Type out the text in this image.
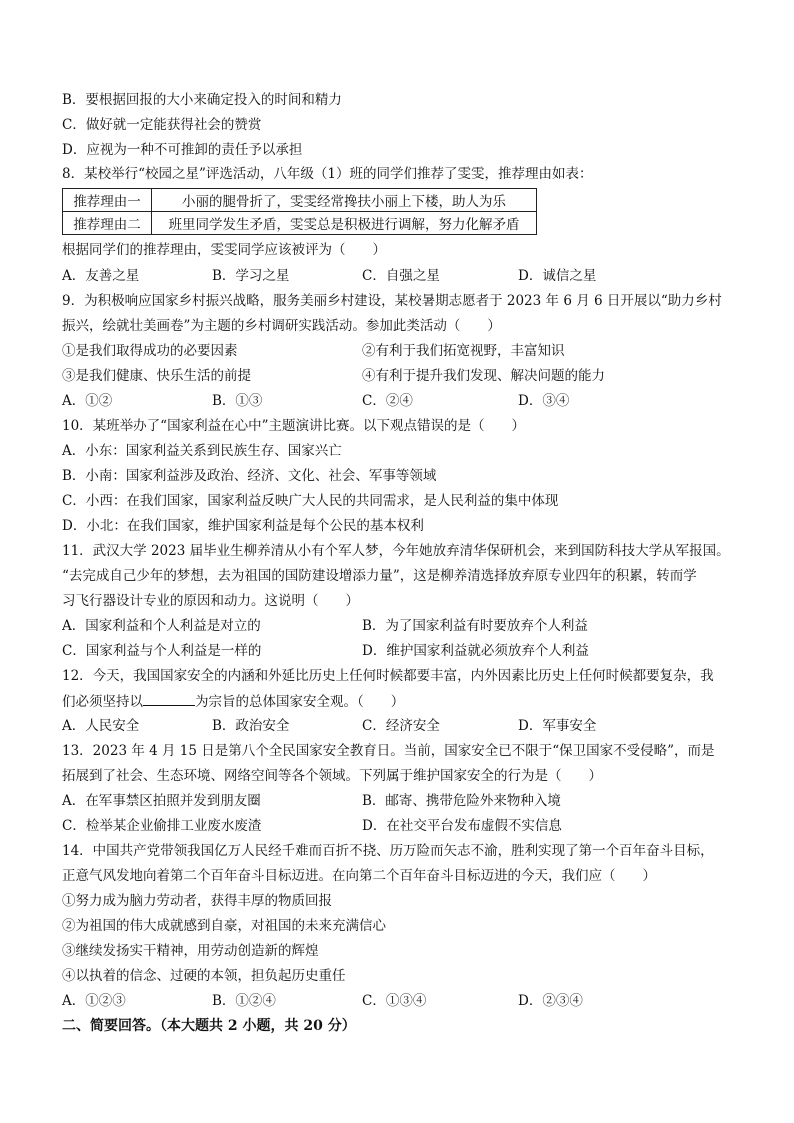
B．要根据回报的大小来确定投入的时间和精力
C．做好就一定能获得社会的赞赏
D．应视为一种不可推卸的责任予以承担
8．某校举行“校园之星”评选活动，八年级（1）班的同学们推荐了雯雯，推荐理由如表：
推荐理由一	小丽的腿骨折了，雯雯经常搀扶小丽上下楼，助人为乐
推荐理由二	班里同学发生矛盾，雯雯总是积极进行调解，努力化解矛盾
根据同学们的推荐理由，雯雯同学应该被评为（　　）
A．友善之星	B．学习之星	C．自强之星	D．诚信之星
9．为积极响应国家乡村振兴战略，服务美丽乡村建设，某校暑期志愿者于 2023 年 6 月 6 日开展以“助力乡村
振兴，绘就壮美画卷”为主题的乡村调研实践活动。参加此类活动（　　）
①是我们取得成功的必要因素	②有利于我们拓宽视野，丰富知识
③是我们健康、快乐生活的前提	④有利于提升我们发现、解决问题的能力
A．①②	B．①③	C．②④	D．③④
10．某班举办了“国家利益在心中”主题演讲比赛。以下观点错误的是（　　）
A．小东：国家利益关系到民族生存、国家兴亡
B．小南：国家利益涉及政治、经济、文化、社会、军事等领域
C．小西：在我们国家，国家利益反映广大人民的共同需求，是人民利益的集中体现
D．小北：在我们国家，维护国家利益是每个公民的基本权利
11．武汉大学 2023 届毕业生柳养清从小有个军人梦，今年她放弃清华保研机会，来到国防科技大学从军报国。
“去完成自己少年的梦想，去为祖国的国防建设增添力量”，这是柳养清选择放弃原专业四年的积累，转而学
习飞行器设计专业的原因和动力。这说明（　　）
A．国家利益和个人利益是对立的	B．为了国家利益有时要放弃个人利益
C．国家利益与个人利益是一样的	D．维护国家利益就必须放弃个人利益
12．今天，我国国家安全的内涵和外延比历史上任何时候都要丰富，内外因素比历史上任何时候都要复杂，我
们必须坚持以	为宗旨的总体国家安全观。（　　）
A．人民安全	B．政治安全	C．经济安全	D．军事安全
13．2023 年 4 月 15 日是第八个全民国家安全教育日。当前，国家安全已不限于“保卫国家不受侵略”，而是
拓展到了社会、生态环境、网络空间等各个领域。下列属于维护国家安全的行为是（　　）
A．在军事禁区拍照并发到朋友圈	B．邮寄、携带危险外来物种入境
C．检举某企业偷排工业废水废渣	D．在社交平台发布虚假不实信息
14．中国共产党带领我国亿万人民经千难而百折不挠、历万险而矢志不渝，胜利实现了第一个百年奋斗目标，
正意气风发地向着第二个百年奋斗目标迈进。在向第二个百年奋斗目标迈进的今天，我们应（　　）
①努力成为脑力劳动者，获得丰厚的物质回报
②为祖国的伟大成就感到自豪，对祖国的未来充满信心
③继续发扬实干精神，用劳动创造新的辉煌
④以执着的信念、过硬的本领，担负起历史重任
A．①②③	B．①②④	C．①③④	D．②③④
二、简要回答。（本大题共 2 小题，共 20 分）
